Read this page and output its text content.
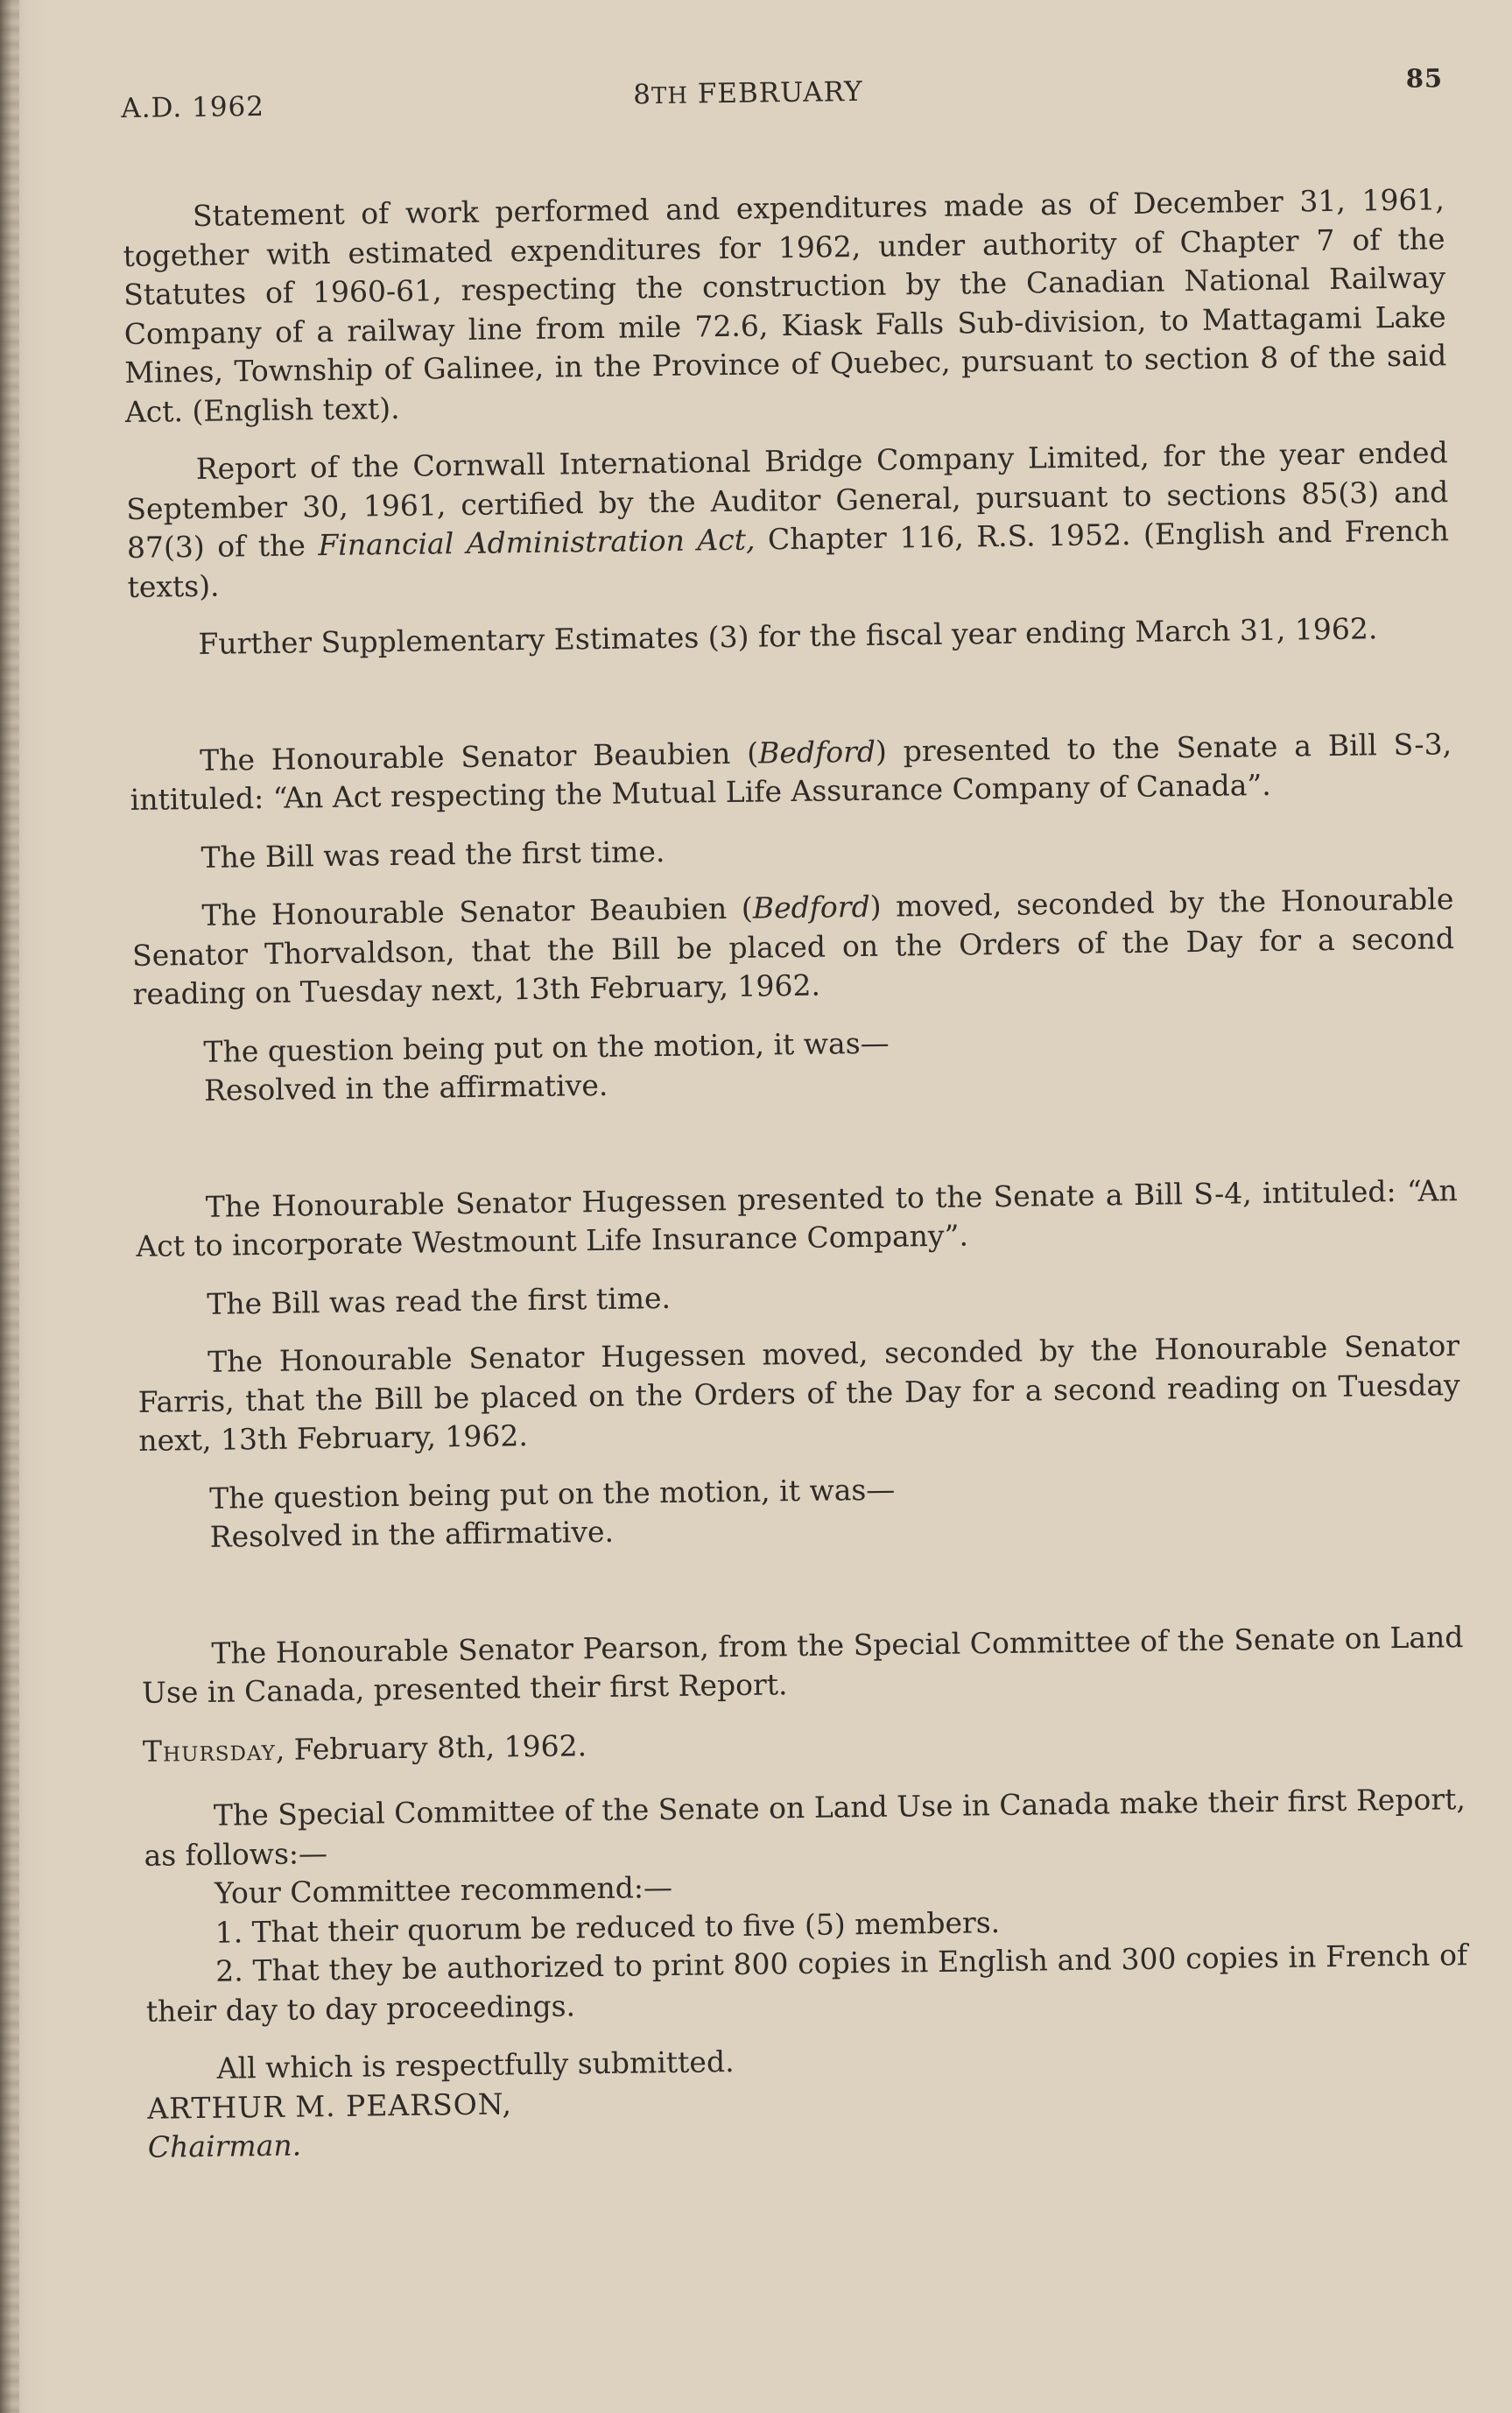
A.D. 1962	8TH FEBRUARY	85

Statement of work performed and expenditures made as of December 31, 1961, together with estimated expenditures for 1962, under authority of Chapter 7 of the Statutes of 1960-61, respecting the construction by the Canadian National Railway Company of a railway line from mile 72.6, Kiask Falls Sub-division, to Mattagami Lake Mines, Township of Galinee, in the Province of Quebec, pursuant to section 8 of the said Act. (English text).

Report of the Cornwall International Bridge Company Limited, for the year ended September 30, 1961, certified by the Auditor General, pursuant to sections 85(3) and 87(3) of the Financial Administration Act, Chapter 116, R.S. 1952. (English and French texts).

Further Supplementary Estimates (3) for the fiscal year ending March 31, 1962.

The Honourable Senator Beaubien (Bedford) presented to the Senate a Bill S-3, intituled: “An Act respecting the Mutual Life Assurance Company of Canada”.

The Bill was read the first time.

The Honourable Senator Beaubien (Bedford) moved, seconded by the Honourable Senator Thorvaldson, that the Bill be placed on the Orders of the Day for a second reading on Tuesday next, 13th February, 1962.

The question being put on the motion, it was—

Resolved in the affirmative.

The Honourable Senator Hugessen presented to the Senate a Bill S-4, intituled: “An Act to incorporate Westmount Life Insurance Company”.

The Bill was read the first time.

The Honourable Senator Hugessen moved, seconded by the Honourable Senator Farris, that the Bill be placed on the Orders of the Day for a second reading on Tuesday next, 13th February, 1962.

The question being put on the motion, it was—

Resolved in the affirmative.

The Honourable Senator Pearson, from the Special Committee of the Senate on Land Use in Canada, presented their first Report.

Thursday, February 8th, 1962.

The Special Committee of the Senate on Land Use in Canada make their first Report, as follows:—

Your Committee recommend:—

1. That their quorum be reduced to five (5) members.

2. That they be authorized to print 800 copies in English and 300 copies in French of their day to day proceedings.

All which is respectfully submitted.

ARTHUR M. PEARSON,

Chairman.
